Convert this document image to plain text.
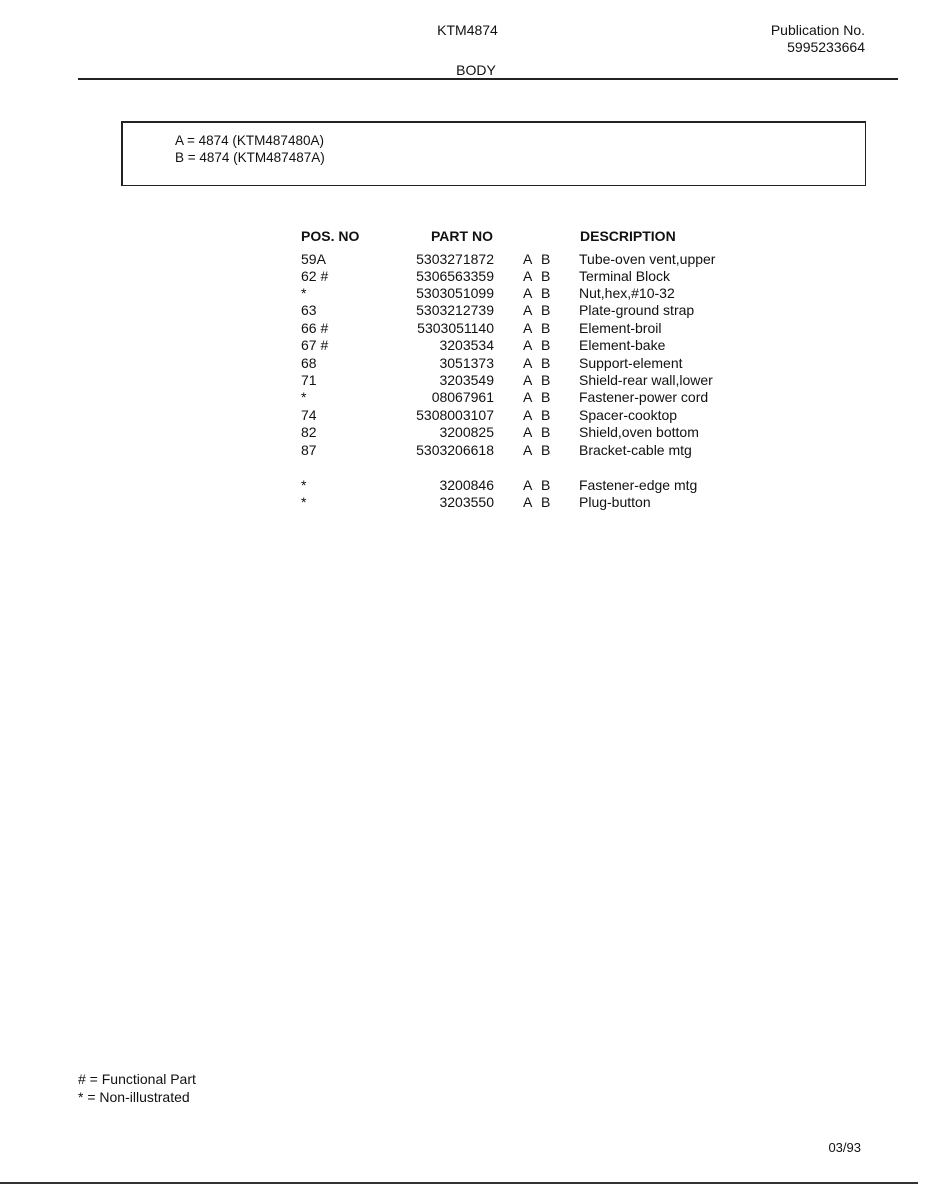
KTM4874	Publication No.
5995233664
BODY
A = 4874 (KTM487480A)
B = 4874 (KTM487487A)
POS. NO	PART NO	DESCRIPTION
59A	5303271872 A B Tube-oven vent,upper
62 #	5306563359 A B Terminal Block
*	5303051099 A B Nut,hex,#10-32
63	5303212739 A B Plate-ground strap
66 #	5303051140 A B Element-broil
67 #	3203534 A B Element-bake
68	3051373 A B Support-element
71	3203549 A B Shield-rear wall,lower
*	08067961 A B Fastener-power cord
74	5308003107 A B Spacer-cooktop
82	3200825 A B Shield,oven bottom
87	5303206618 A B Bracket-cable mtg
*	3200846 A B Fastener-edge mtg
*	3203550 A B Plug-button
# = Functional Part
* = Non-illustrated
03/93
